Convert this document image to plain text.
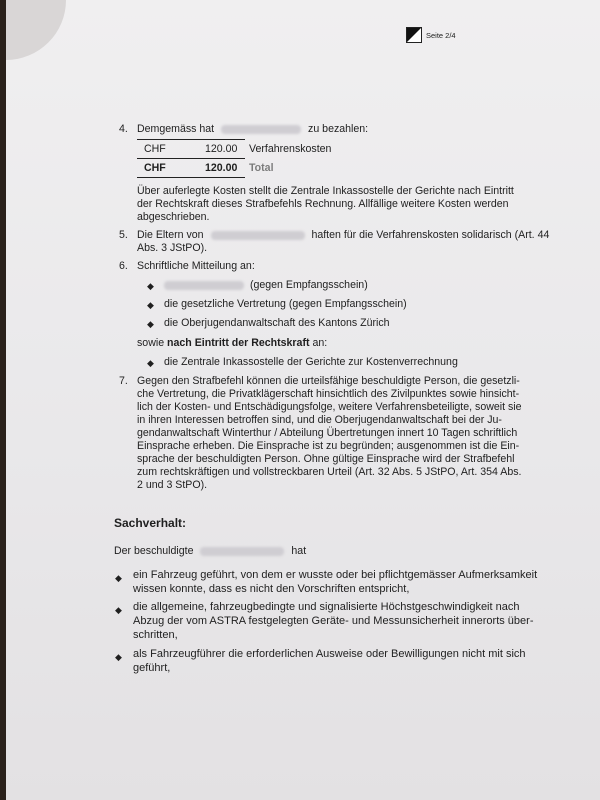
Seite 2/4
4. Demgemäss hat	zu bezahlen:
CHF	120.00 Verfahrenskosten
CHF	120.00 Total
Über auferlegte Kosten stellt die Zentrale Inkassostelle der Gerichte nach Eintritt
der Rechtskraft dieses Strafbefehls Rechnung. Allfällige weitere Kosten werden
abgeschrieben.
5. Die Eltern von	haften für die Verfahrenskosten solidarisch (Art. 44
Abs. 3 JStPO).
6. Schriftliche Mitteilung an:
◆	(gegen Empfangsschein)
◆ die gesetzliche Vertretung (gegen Empfangsschein)
◆ die Oberjugendanwaltschaft des Kantons Zürich
sowie nach Eintritt der Rechtskraft an:
◆ die Zentrale Inkassostelle der Gerichte zur Kostenverrechnung
7. Gegen den Strafbefehl können die urteilsfähige beschuldigte Person, die gesetzli-
che Vertretung, die Privatklägerschaft hinsichtlich des Zivilpunktes sowie hinsicht-
lich der Kosten- und Entschädigungsfolge, weitere Verfahrensbeteiligte, soweit sie
in ihren Interessen betroffen sind, und die Oberjugendanwaltschaft bei der Ju-
gendanwaltschaft Winterthur / Abteilung Übertretungen innert 10 Tagen schriftlich
Einsprache erheben. Die Einsprache ist zu begründen; ausgenommen ist die Ein-
sprache der beschuldigten Person. Ohne gültige Einsprache wird der Strafbefehl
zum rechtskräftigen und vollstreckbaren Urteil (Art. 32 Abs. 5 JStPO, Art. 354 Abs.
2 und 3 StPO).
Sachverhalt:
Der beschuldigte	hat
◆ ein Fahrzeug geführt, von dem er wusste oder bei pflichtgemässer Aufmerksamkeit
wissen konnte, dass es nicht den Vorschriften entspricht,
◆ die allgemeine, fahrzeugbedingte und signalisierte Höchstgeschwindigkeit nach
Abzug der vom ASTRA festgelegten Geräte- und Messunsicherheit innerorts über-
schritten,
◆ als Fahrzeugführer die erforderlichen Ausweise oder Bewilligungen nicht mit sich
geführt,
